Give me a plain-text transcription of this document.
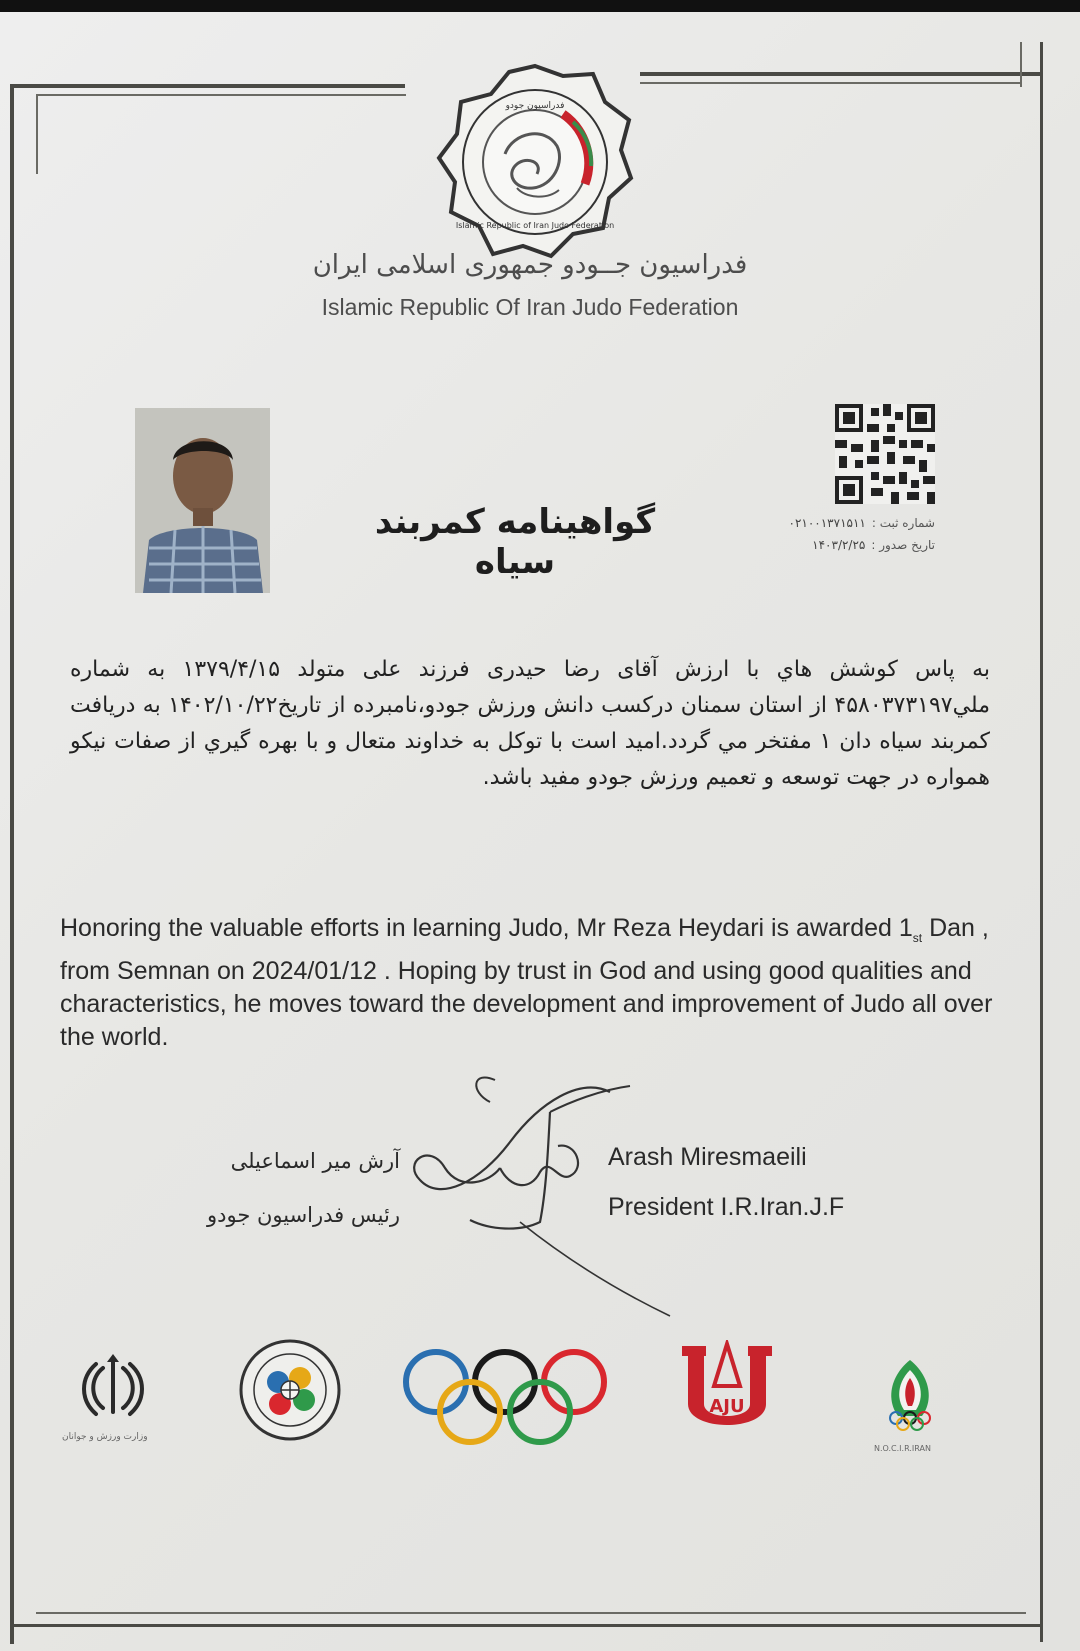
فدراسیون جودو
Islamic Republic of Iran Judo Federation
فدراسیون جــودو جمهوری اسلامی ایران
Islamic Republic Of Iran Judo Federation
شماره ثبت :۰۲۱۰۰۱۳۷۱۵۱۱
تاریخ صدور :۱۴۰۳/۲/۲۵
گواهینامه کمربند سیاه
به پاس کوشش هاي با ارزش آقای رضا حیدری فرزند علی متولد ۱۳۷۹/۴/۱۵ به شماره ملي۴۵۸۰۳۷۳۱۹۷ از استان سمنان درکسب دانش ورزش جودو،نامبرده از تاریخ۱۴۰۲/۱۰/۲۲ به دریافت کمربند سیاه دان ۱ مفتخر مي گردد.امید است با توکل به خداوند متعال و با بهره گیري از صفات نیکو همواره در جهت توسعه و تعمیم ورزش جودو مفید باشد.
Honoring the valuable efforts in learning Judo, Mr Reza Heydari is awarded $1_{st}$ Dan , from Semnan on 2024/01/12 . Hoping by trust in God and using good qualities and characteristics, he moves toward the development and improvement of Judo all over the world.
آرش میر اسماعیلی
رئیس فدراسیون جودو
Arash Miresmaeili
President I.R.Iran.J.F
وزارت ورزش و جوانان
AJU
N.O.C.I.R.IRAN
